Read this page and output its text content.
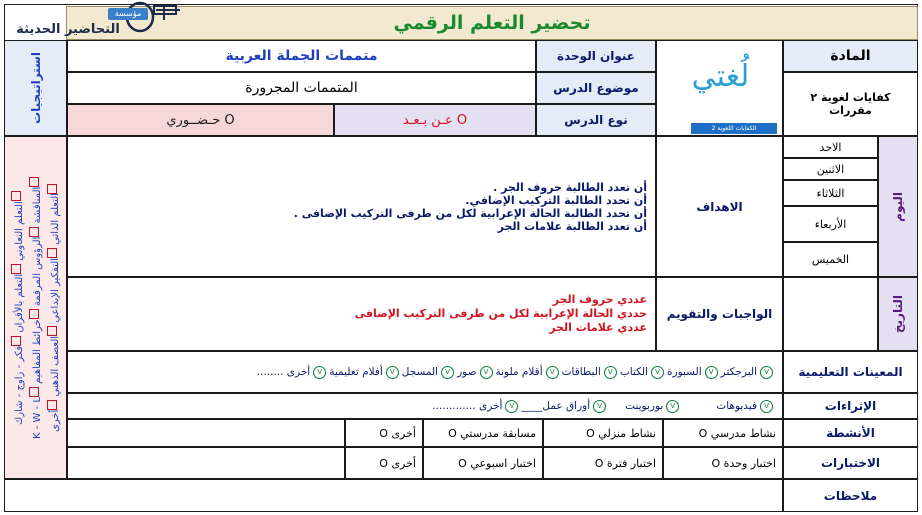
تحضير التعلم الرقمي
مؤسسة
التحاضير الحديثة
استراتيجيات
التعلم التعاوني التعلم بالأقران فكر - زاوج - شارك
المناقشة الرؤوس المرقمة خرائط المفاهيم K - W - L
التعلم الذاتي التفكير الإبداعي العصف الذهني أخرى
المادة
كفايات لغوية ٢ مقررات
لُغتي
الكفايات اللغوية 2
عنوان الوحدة
متممات الجملة العربية
موضوع الدرس
المتممات المجرورة
نوع الدرس
عـن بـعـد O
حـضــوري O
اليوم
الاحد
الاثنين
الثلاثاء
الأربعاء
الخميس
التاريخ
الاهداف
أن تعدد الطالبة حروف الجر .
أن تحدد الطالبة التركيب الإضافي.
أن تحدد الطالبة الحالة الإعرابية لكل من طرفى التركيب الإضافى .
أن تعدد الطالبة علامات الجر
الواجبات والتقويم
عددي حروف الجر
حددي الحالة الإعرابية لكل من طرفى التركيب الإضافى
عددي علامات الجر
المعينات التعليمية
V
البرجكتر
V
السبورة
V
الكتاب
V
البطاقات
V
أقلام ملونة
V
صور
V
المسجل
V
أفلام تعليمية
V
أخرى ........
الإثراءات
V
فيديوهات
V
بوربوينت
V
أوراق عمل____
V
أخرى .............
الأنشطة
نشاط مدرسي O
نشاط منزلي O
مسابقة مدرستي O
أخرى O
الاختبارات
اختبار وحدة O
اختبار فترة O
اختبار اسبوعي O
أخرى O
ملاحظات
